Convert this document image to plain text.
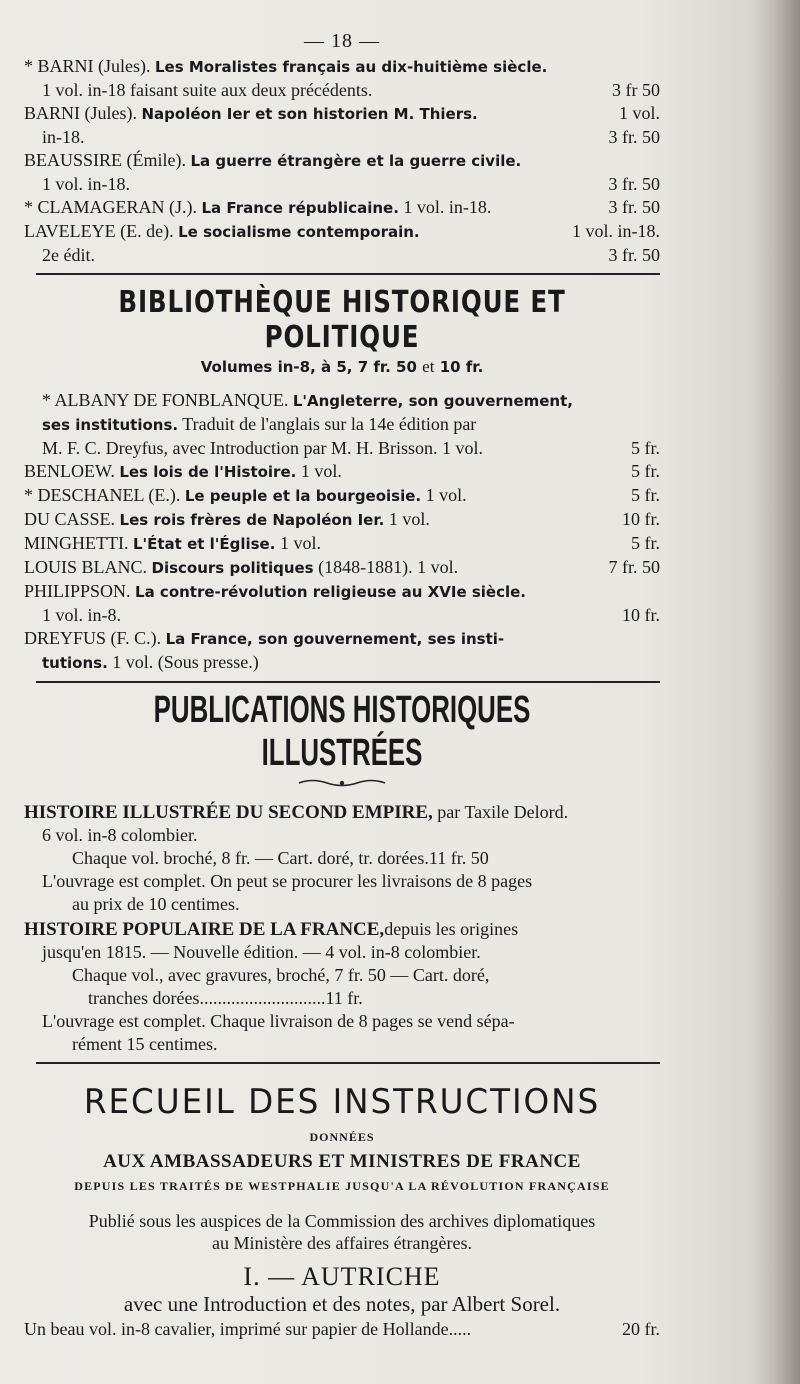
— 18 —
* BARNI (Jules). Les Moralistes français au dix-huitième siècle.
1 vol. in-18 faisant suite aux deux précédents.	3 fr 50
BARNI (Jules). Napoléon Ier et son historien M. Thiers.	1 vol.
in-18.	3 fr. 50
BEAUSSIRE (Émile). La guerre étrangère et la guerre civile.
1 vol. in-18.	3 fr. 50
* CLAMAGERAN (J.). La France républicaine. 1 vol. in-18.	3 fr. 50
LAVELEYE (E. de). Le socialisme contemporain.	1 vol. in-18.
2e édit.	3 fr. 50
BIBLIOTHÈQUE HISTORIQUE ET POLITIQUE
Volumes in-8, à 5, 7 fr. 50 et 10 fr.
* ALBANY DE FONBLANQUE. L'Angleterre, son gouvernement,
ses institutions. Traduit de l'anglais sur la 14e édition par
M. F. C. Dreyfus, avec Introduction par M. H. Brisson. 1 vol.	5 fr.
BENLOEW. Les lois de l'Histoire. 1 vol.	5 fr.
* DESCHANEL (E.). Le peuple et la bourgeoisie. 1 vol.	5 fr.
DU CASSE. Les rois frères de Napoléon Ier. 1 vol.	10 fr.
MINGHETTI. L'État et l'Église. 1 vol.	5 fr.
LOUIS BLANC. Discours politiques (1848-1881). 1 vol.	7 fr. 50
PHILIPPSON. La contre-révolution religieuse au XVIe siècle.
1 vol. in-8.	10 fr.
DREYFUS (F. C.). La France, son gouvernement, ses insti-
tutions. 1 vol. (Sous presse.)
PUBLICATIONS HISTORIQUES ILLUSTRÉES
HISTOIRE ILLUSTRÉE DU SECOND EMPIRE, par Taxile Delord.
6 vol. in-8 colombier.
Chaque vol. broché, 8 fr. — Cart. doré, tr. dorées.11 fr. 50
L'ouvrage est complet. On peut se procurer les livraisons de 8 pages
au prix de 10 centimes.
HISTOIRE POPULAIRE DE LA FRANCE,depuis les origines
jusqu'en 1815. — Nouvelle édition. — 4 vol. in-8 colombier.
Chaque vol., avec gravures, broché, 7 fr. 50 — Cart. doré,
tranches dorées............................11 fr.
L'ouvrage est complet. Chaque livraison de 8 pages se vend sépa-
rément 15 centimes.
RECUEIL DES INSTRUCTIONS
DONNÉES
AUX AMBASSADEURS ET MINISTRES DE FRANCE
DEPUIS LES TRAITÉS DE WESTPHALIE JUSQU'A LA RÉVOLUTION FRANÇAISE
Publié sous les auspices de la Commission des archives diplomatiques
au Ministère des affaires étrangères.
I. — AUTRICHE
avec une Introduction et des notes, par Albert Sorel.
Un beau vol. in-8 cavalier, imprimé sur papier de Hollande.....	20 fr.
